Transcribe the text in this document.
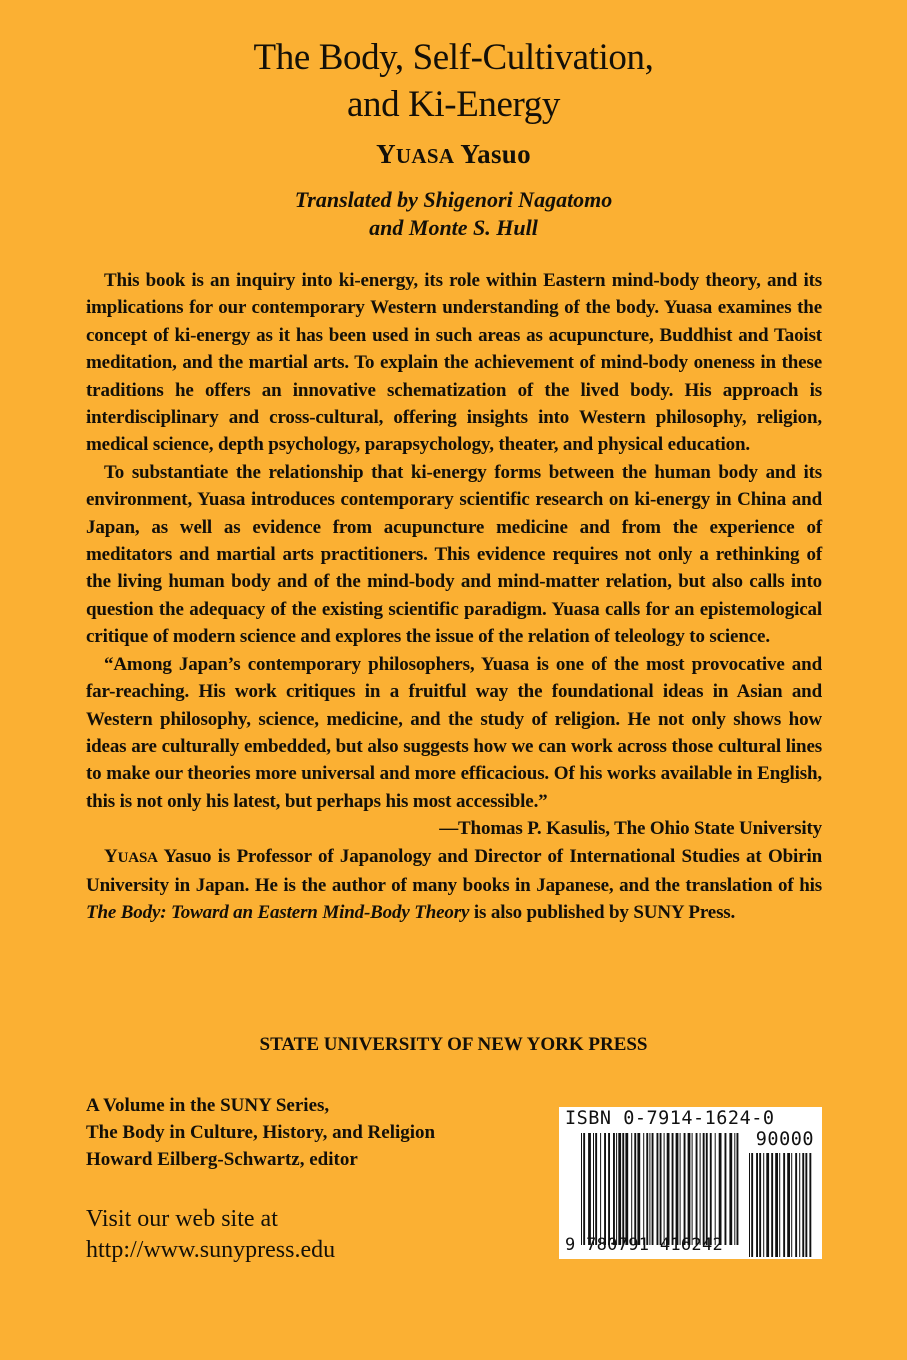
The Body, Self-Cultivation,
and Ki-Energy
YUASA Yasuo
Translated by Shigenori Nagatomo
and Monte S. Hull

This book is an inquiry into ki-energy, its role within Eastern mind-body theory, and its implications for our contemporary Western understanding of the body. Yuasa examines the concept of ki-energy as it has been used in such areas as acupuncture, Buddhist and Taoist meditation, and the martial arts. To explain the achievement of mind-body oneness in these traditions he offers an innovative schematization of the lived body. His approach is interdisciplinary and cross-cultural, offering insights into Western philosophy, religion, medical science, depth psychology, parapsychology, theater, and physical education.

To substantiate the relationship that ki-energy forms between the human body and its environment, Yuasa introduces contemporary scientific research on ki-energy in China and Japan, as well as evidence from acupuncture medicine and from the experience of meditators and martial arts practitioners. This evidence requires not only a rethinking of the living human body and of the mind-body and mind-matter relation, but also calls into question the adequacy of the existing scientific paradigm. Yuasa calls for an epistemological critique of modern science and explores the issue of the relation of teleology to science.

“Among Japan’s contemporary philosophers, Yuasa is one of the most provocative and far-reaching. His work critiques in a fruitful way the foundational ideas in Asian and Western philosophy, science, medicine, and the study of religion. He not only shows how ideas are culturally embedded, but also suggests how we can work across those cultural lines to make our theories more universal and more efficacious. Of his works available in English, this is not only his latest, but perhaps his most accessible.”

—Thomas P. Kasulis, The Ohio State University

YUASA Yasuo is Professor of Japanology and Director of International Studies at Obirin University in Japan. He is the author of many books in Japanese, and the translation of his The Body: Toward an Eastern Mind-Body Theory is also published by SUNY Press.

STATE UNIVERSITY OF NEW YORK PRESS
A Volume in the SUNY Series,
The Body in Culture, History, and Religion
Howard Eilberg-Schwartz, editor
Visit our web site at
http://www.sunypress.edu
ISBN 0-7914-1624-0
90000
9 780791 416242
